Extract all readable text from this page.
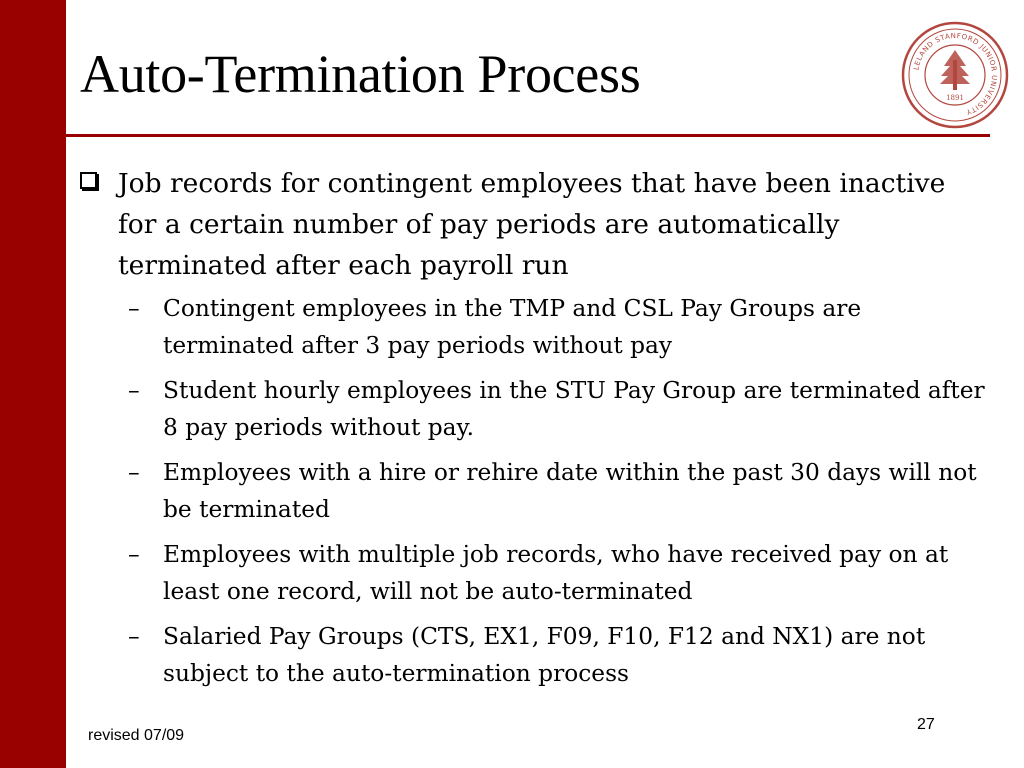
Auto-Termination Process	LELAND STANFORD JUNIOR UNIVERSITY
1891
Job records for contingent employees that have been inactive for a certain number of pay periods are automatically terminated after each payroll run
– Contingent employees in the TMP and CSL Pay Groups are terminated after 3 pay periods without pay
– Student hourly employees in the STU Pay Group are terminated after 8 pay periods without pay.
– Employees with a hire or rehire date within the past 30 days will not be terminated
– Employees with multiple job records, who have received pay on at least one record, will not be auto-terminated
– Salaried Pay Groups (CTS, EX1, F09, F10, F12 and NX1) are not subject to the auto-termination process
revised 07/09
27
